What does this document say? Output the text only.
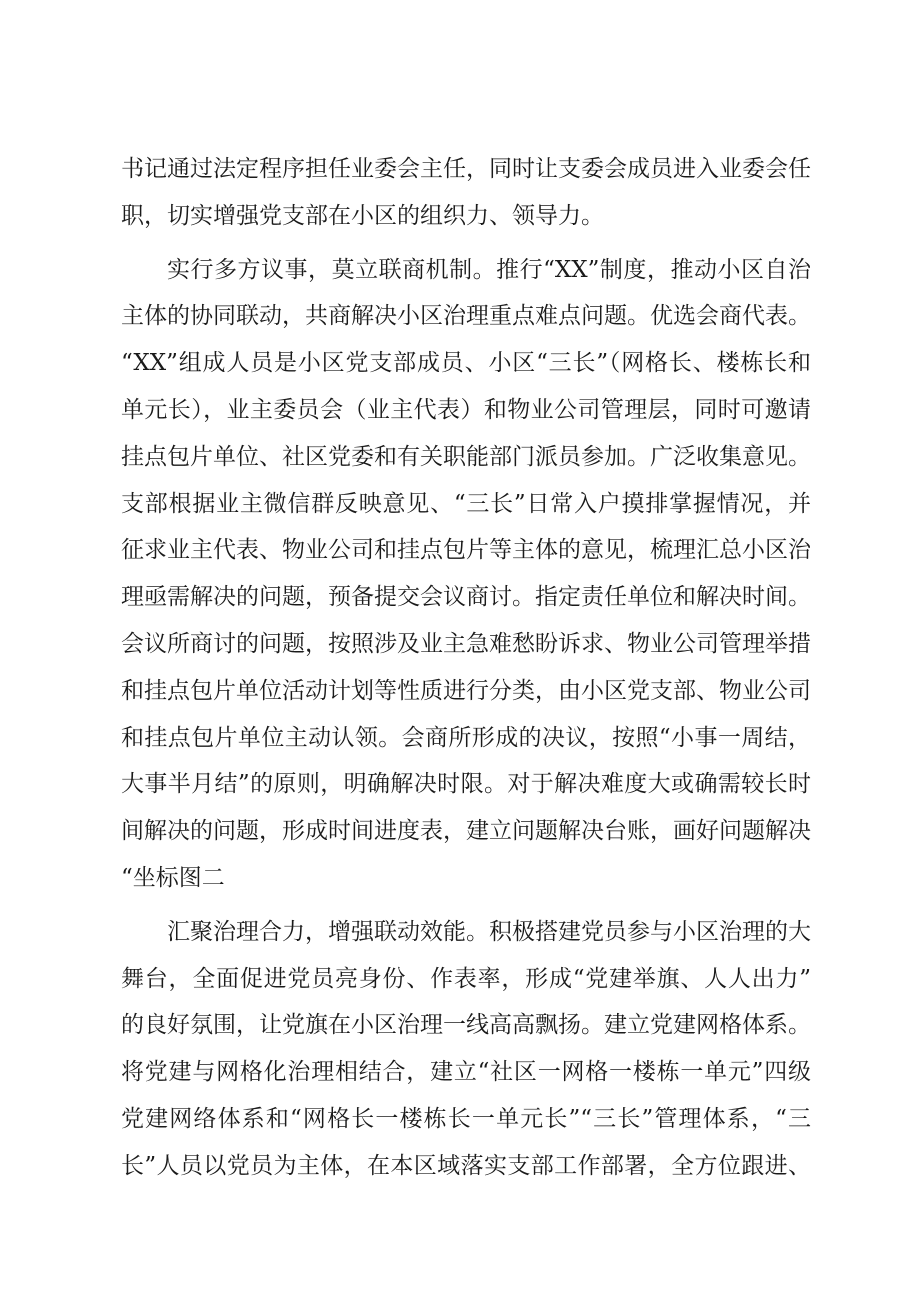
书记通过法定程序担任业委会主任，同时让支委会成员进入业委会任
职，切实增强党支部在小区的组织力、领导力。
实行多方议事，莫立联商机制。推行“XX”制度，推动小区自治
主体的协同联动，共商解决小区治理重点难点问题。优选会商代表。
“XX”组成人员是小区党支部成员、小区“三长”（网格长、楼栋长和
单元长），业主委员会（业主代表）和物业公司管理层，同时可邀请
挂点包片单位、社区党委和有关职能部门派员参加。广泛收集意见。
支部根据业主微信群反映意见、“三长”日常入户摸排掌握情况，并
征求业主代表、物业公司和挂点包片等主体的意见，梳理汇总小区治
理亟需解决的问题，预备提交会议商讨。指定责任单位和解决时间。
会议所商讨的问题，按照涉及业主急难愁盼诉求、物业公司管理举措
和挂点包片单位活动计划等性质进行分类，由小区党支部、物业公司
和挂点包片单位主动认领。会商所形成的决议，按照“小事一周结，
大事半月结”的原则，明确解决时限。对于解决难度大或确需较长时
间解决的问题，形成时间进度表，建立问题解决台账，画好问题解决
“坐标图二
汇聚治理合力，增强联动效能。积极搭建党员参与小区治理的大
舞台，全面促进党员亮身份、作表率，形成“党建举旗、人人出力”
的良好氛围，让党旗在小区治理一线高高飘扬。建立党建网格体系。
将党建与网格化治理相结合，建立“社区一网格一楼栋一单元”四级
党建网络体系和“网格长一楼栋长一单元长”“三长”管理体系，“三
长”人员以党员为主体，在本区域落实支部工作部署，全方位跟进、
